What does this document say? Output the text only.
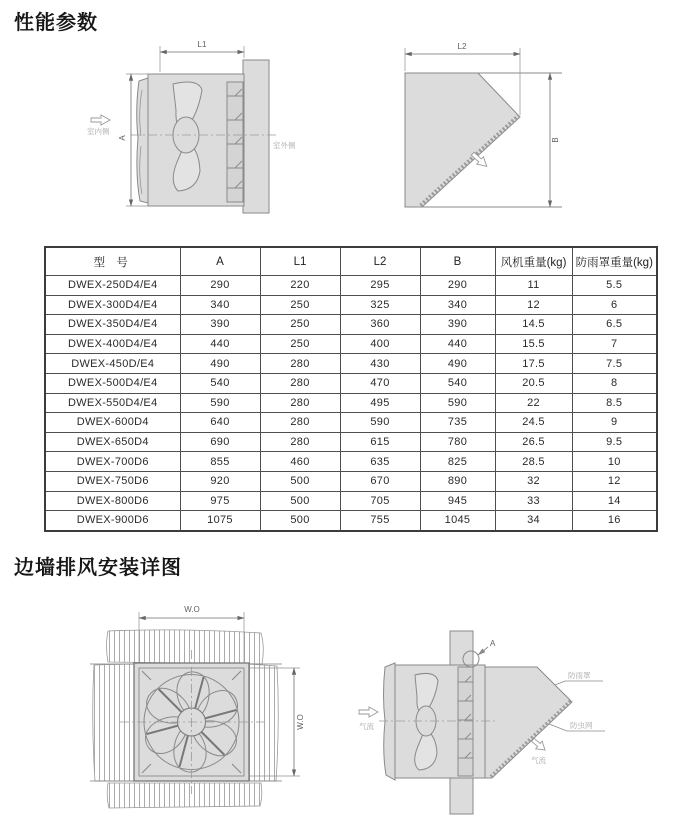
性能参数
L1
A
室内侧
室外侧
L2
B
型 号	A	L1	L2	B	风机重量(kg)	防雨罩重量(kg)
DWEX-250D4/E4	290	220	295	290	11	5.5
DWEX-300D4/E4	340	250	325	340	12	6
DWEX-350D4/E4	390	250	360	390	14.5	6.5
DWEX-400D4/E4	440	250	400	440	15.5	7
DWEX-450D/E4	490	280	430	490	17.5	7.5
DWEX-500D4/E4	540	280	470	540	20.5	8
DWEX-550D4/E4	590	280	495	590	22	8.5
DWEX-600D4	640	280	590	735	24.5	9
DWEX-650D4	690	280	615	780	26.5	9.5
DWEX-700D6	855	460	635	825	28.5	10
DWEX-750D6	920	500	670	890	32	12
DWEX-800D6	975	500	705	945	33	14
DWEX-900D6	1075	500	755	1045	34	16
边墙排风安装详图
W.O
W.O
A
防雨罩
防虫网
气流
气流
